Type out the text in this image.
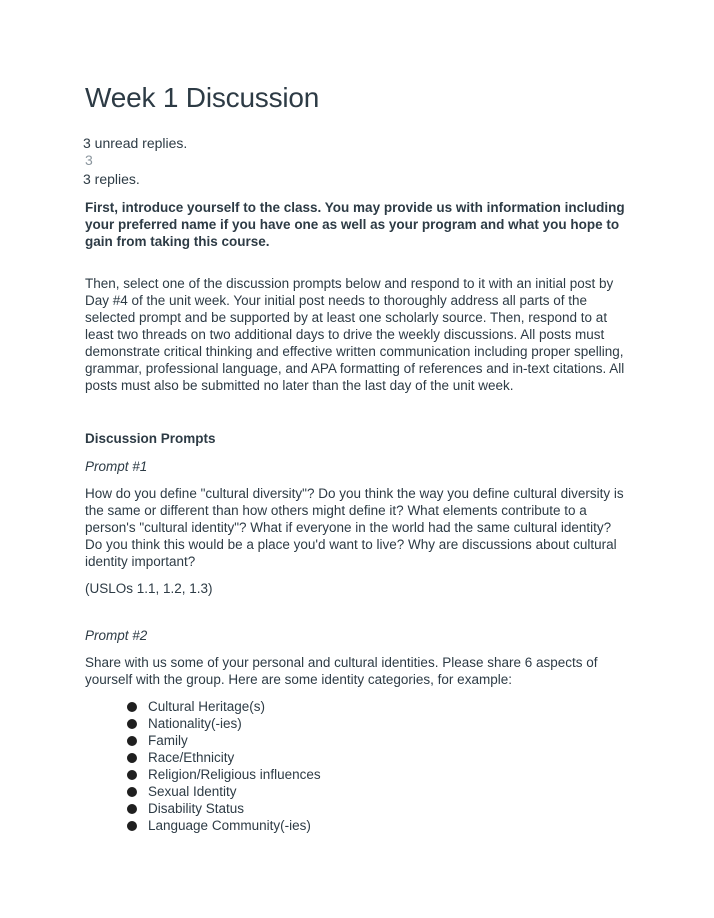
Week 1 Discussion
3 unread replies.
3
3 replies.

First, introduce yourself to the class. You may provide us with information including your preferred name if you have one as well as your program and what you hope to gain from taking this course.

Then, select one of the discussion prompts below and respond to it with an initial post by Day #4 of the unit week. Your initial post needs to thoroughly address all parts of the selected prompt and be supported by at least one scholarly source. Then, respond to at least two threads on two additional days to drive the weekly discussions. All posts must demonstrate critical thinking and effective written communication including proper spelling, grammar, professional language, and APA formatting of references and in-text citations. All posts must also be submitted no later than the last day of the unit week.

Discussion Prompts

Prompt #1

How do you define "cultural diversity"? Do you think the way you define cultural diversity is the same or different than how others might define it? What elements contribute to a person's "cultural identity"? What if everyone in the world had the same cultural identity? Do you think this would be a place you'd want to live? Why are discussions about cultural identity important?

(USLOs 1.1, 1.2, 1.3)

Prompt #2

Share with us some of your personal and cultural identities. Please share 6 aspects of yourself with the group. Here are some identity categories, for example:

Cultural Heritage(s)
Nationality(-ies)
Family
Race/Ethnicity
Religion/Religious influences
Sexual Identity
Disability Status
Language Community(-ies)
